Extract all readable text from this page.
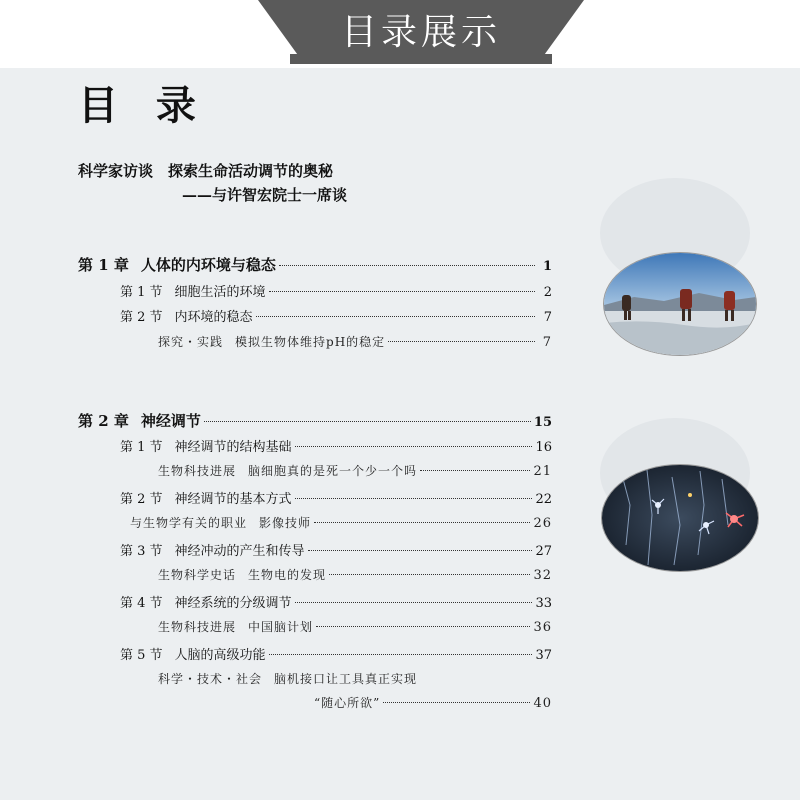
目录展示
目 录
科学家访谈　探索生命活动调节的奥秘
——与许智宏院士一席谈
第 1 章 人体的内环境与稳态	1
第 1 节 细胞生活的环境	2
第 2 节 内环境的稳态	7
探究・实践 模拟生物体维持pH的稳定	7
第 2 章 神经调节	15
第 1 节 神经调节的结构基础	16
生物科技进展 脑细胞真的是死一个少一个吗	21
第 2 节 神经调节的基本方式	22
与生物学有关的职业 影像技师	26
第 3 节 神经冲动的产生和传导	27
生物科学史话 生物电的发现	32
第 4 节 神经系统的分级调节	33
生物科技进展 中国脑计划	36
第 5 节 人脑的高级功能	37
科学・技术・社会 脑机接口让工具真正实现
“随心所欲”	40
